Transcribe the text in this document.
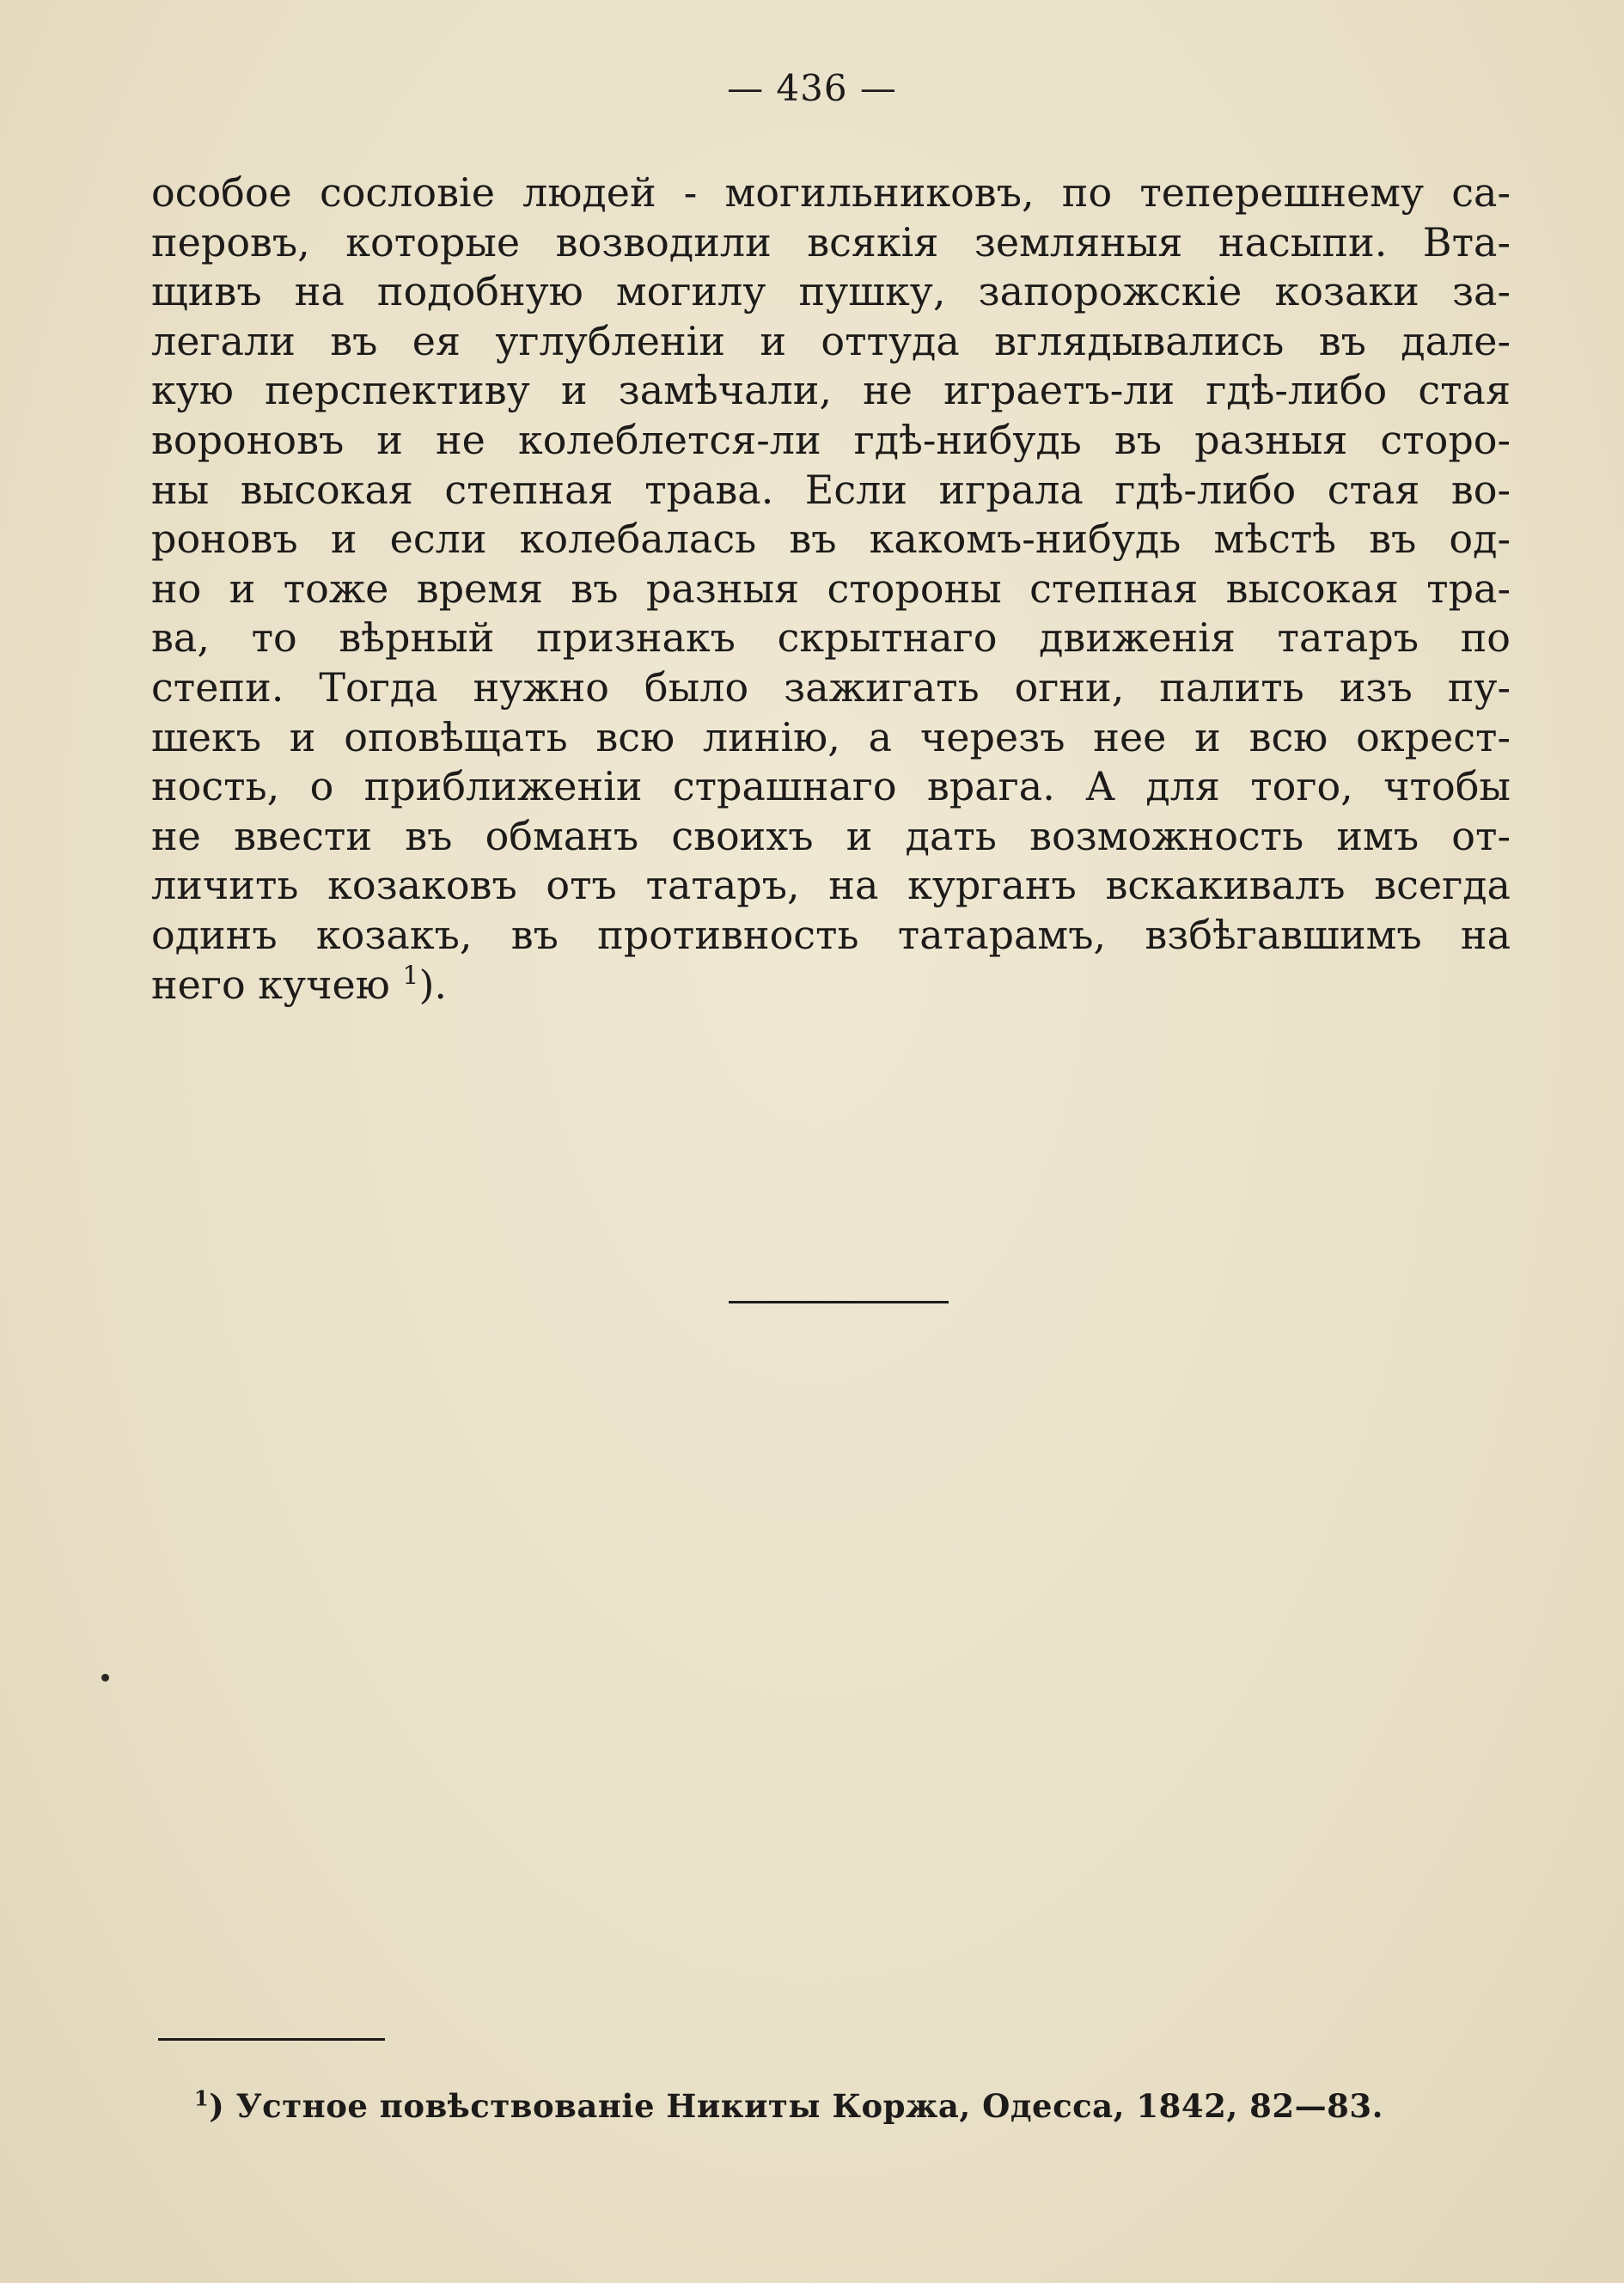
— 436 —
особое сословіе людей - могильниковъ, по теперешнему са-
перовъ, которые возводили всякія земляныя насыпи. Вта-
щивъ на подобную могилу пушку, запорожскіе козаки за-
легали въ ея углубленіи и оттуда вглядывались въ дале-
кую перспективу и замѣчали, не играетъ-ли гдѣ-либо стая
вороновъ и не колеблется-ли гдѣ-нибудь въ разныя сторо-
ны высокая степная трава. Если играла гдѣ-либо стая во-
роновъ и если колебалась въ какомъ-нибудь мѣстѣ въ од-
но и тоже время въ разныя стороны степная высокая тра-
ва, то вѣрный признакъ скрытнаго движенія татаръ по
степи. Тогда нужно было зажигать огни, палить изъ пу-
шекъ и оповѣщать всю линію, а черезъ нее и всю окрест-
ность, о приближеніи страшнаго врага. А для того, чтобы
не ввести въ обманъ своихъ и дать возможность имъ от-
личить козаковъ отъ татаръ, на курганъ вскакивалъ всегда
одинъ козакъ, въ противность татарамъ, взбѣгавшимъ на
него кучею $^1$).
$^1$) Устное повѣствованіе Никиты Коржа, Одесса, 1842, 82—83.
